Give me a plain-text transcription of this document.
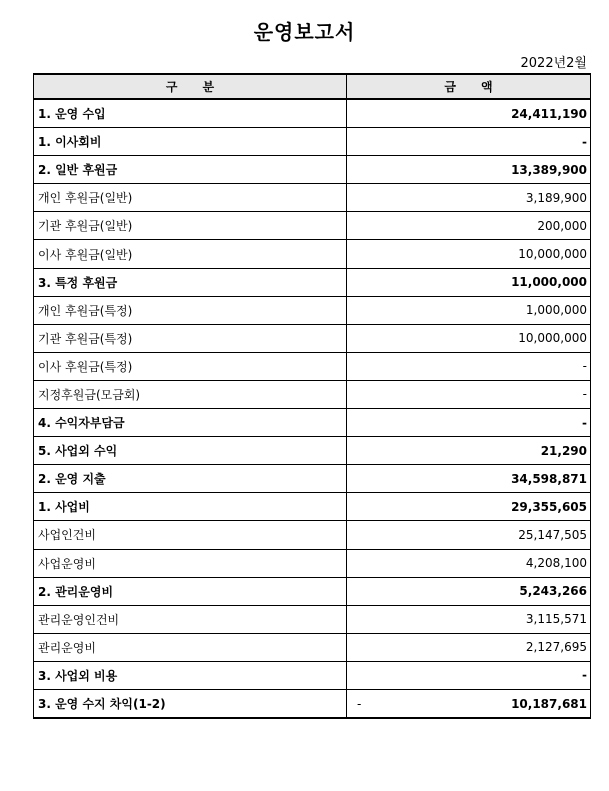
운영보고서
2022년2월
구      분	금      액
1. 운영 수입	24,411,190
1. 이사회비	-
2. 일반 후원금	13,389,900
개인 후원금(일반)	3,189,900
기관 후원금(일반)	200,000
이사 후원금(일반)	10,000,000
3. 특정 후원금	11,000,000
개인 후원금(특정)	1,000,000
기관 후원금(특정)	10,000,000
이사 후원금(특정)	-
지정후원금(모금회)	-
4. 수익자부담금	-
5. 사업외 수익	21,290
2. 운영 지출	34,598,871
1. 사업비	29,355,605
사업인건비	25,147,505
사업운영비	4,208,100
2. 관리운영비	5,243,266
관리운영인건비	3,115,571
관리운영비	2,127,695
3. 사업외 비용	-
3. 운영 수지 차익(1-2)	- 10,187,681
